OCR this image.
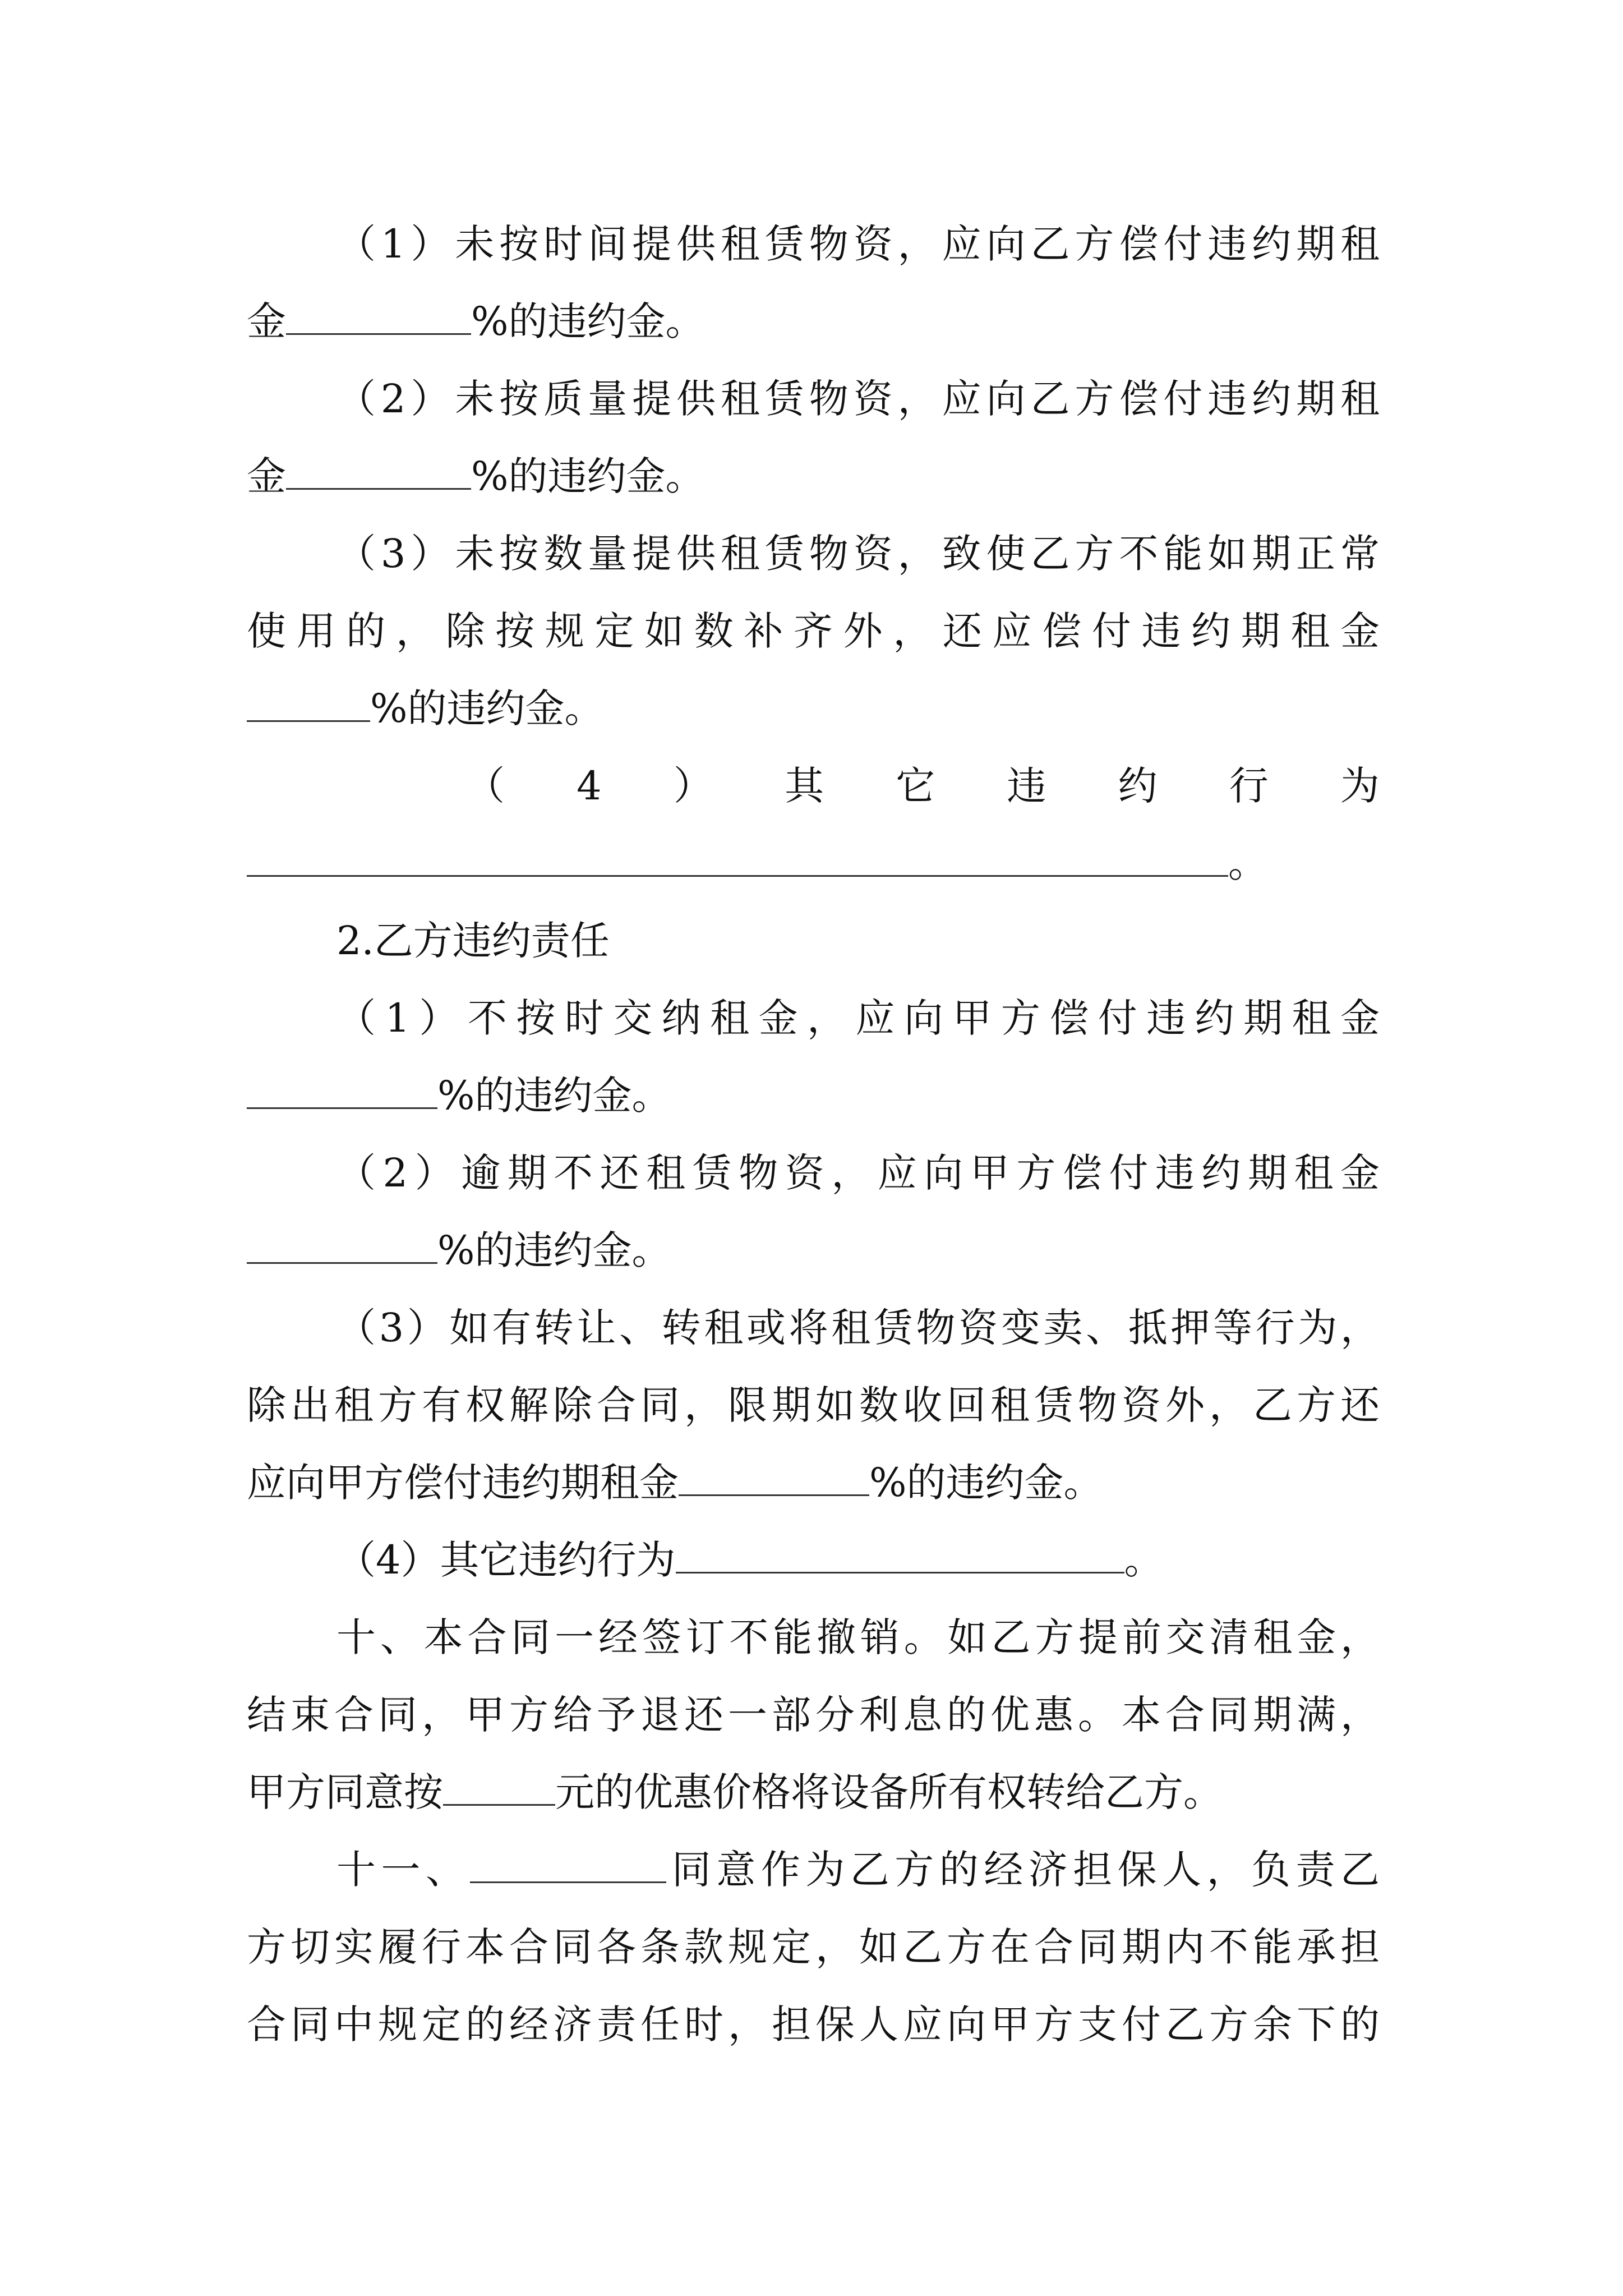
（1）未按时间提供租赁物资，应向乙方偿付违约期租
金	%的违约金。
（2）未按质量提供租赁物资，应向乙方偿付违约期租
金	%的违约金。
（3）未按数量提供租赁物资，致使乙方不能如期正常
使用的，除按规定如数补齐外，还应偿付违约期租金
%的违约金。
（ 4 ） 其 它 违 约 行 为
。
2.乙方违约责任
（1）不按时交纳租金，应向甲方偿付违约期租金
%的违约金。
（2）逾期不还租赁物资，应向甲方偿付违约期租金
%的违约金。
（3）如有转让、转租或将租赁物资变卖、抵押等行为，
除出租方有权解除合同，限期如数收回租赁物资外，乙方还
应向甲方偿付违约期租金	%的违约金。
（4）其它违约行为	。
十、本合同一经签订不能撤销。如乙方提前交清租金，
结束合同，甲方给予退还一部分利息的优惠。本合同期满，
甲方同意按	元的优惠价格将设备所有权转给乙方。
十一、	同意作为乙方的经济担保人，负责乙
方切实履行本合同各条款规定，如乙方在合同期内不能承担
合同中规定的经济责任时，担保人应向甲方支付乙方余下的
